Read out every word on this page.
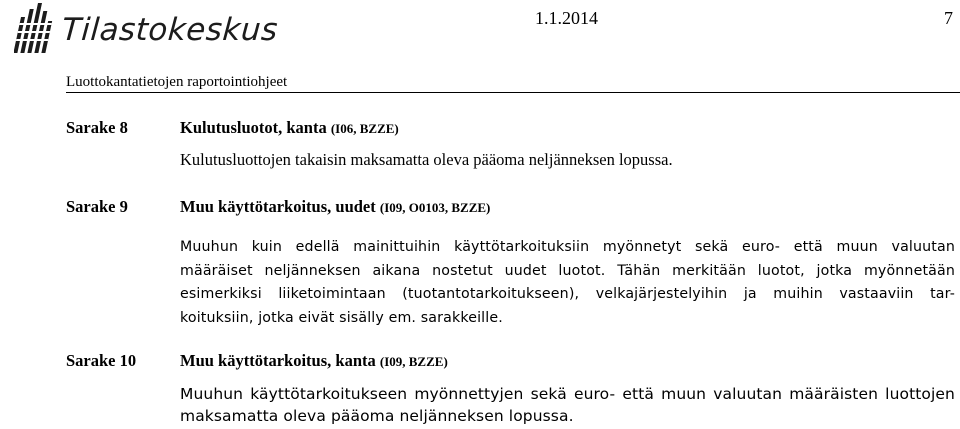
Tilastokeskus	1.1.2014	7
Luottokantatietojen raportointiohjeet
Sarake 8	Kulutusluotot, kanta (I06, BZZE)
Kulutusluottojen takaisin maksamatta oleva pääoma neljänneksen lopussa.
Sarake 9	Muu käyttötarkoitus, uudet (I09, O0103, BZZE)
Muuhun kuin edellä mainittuihin käyttötarkoituksiin myönnetyt sekä euro- että muun valuutan
määräiset neljänneksen aikana nostetut uudet luotot. Tähän merkitään luotot, jotka myönnetään
esimerkiksi liiketoimintaan (tuotantotarkoitukseen), velkajärjestelyihin ja muihin vastaaviin tar-
koituksiin, jotka eivät sisälly em. sarakkeille.
Sarake 10	Muu käyttötarkoitus, kanta (I09, BZZE)
Muuhun käyttötarkoitukseen myönnettyjen sekä euro- että muun valuutan määräisten luottojen
maksamatta oleva pääoma neljänneksen lopussa.
